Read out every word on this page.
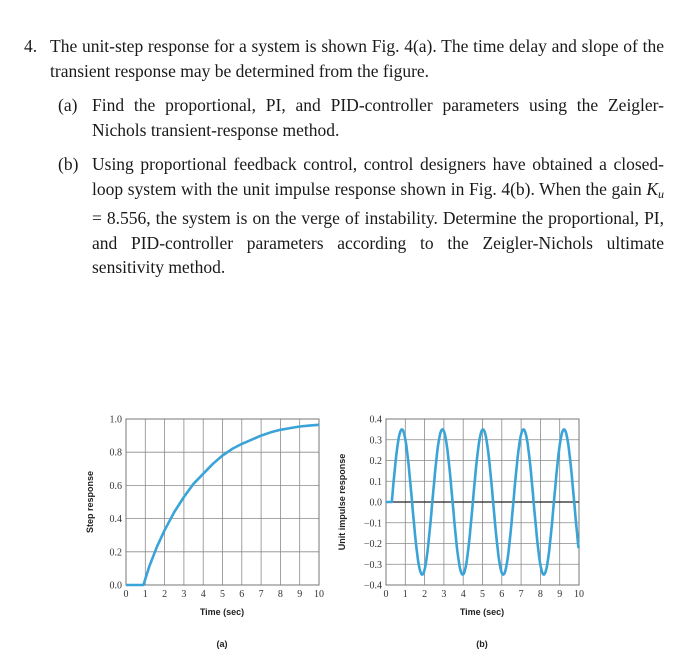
4. The unit-step response for a system is shown Fig. 4(a). The time delay and slope of the transient response may be determined from the figure.
(a) Find the proportional, PI, and PID-controller parameters using the Zeigler-Nichols transient-response method.
(b) Using proportional feedback control, control designers have obtained a closed-loop system with the unit impulse response shown in Fig. 4(b). When the gain $K_u = 8.556$, the system is on the verge of instability. Determine the proportional, PI, and PID-controller parameters according to the Zeigler-Nichols ultimate sensitivity method.
0 1 2 3 4 5 6 7 8 9 10
0.0
0.2
0.4
0.6
0.8
1.0
Time (sec)
Step response
(a)
0 1 2 3 4 5 6 7 8 9 10
−0.4
−0.3
−0.2
−0.1
0.0
0.1
0.2
0.3
0.4
Time (sec)
Unit impulse response
(b)
